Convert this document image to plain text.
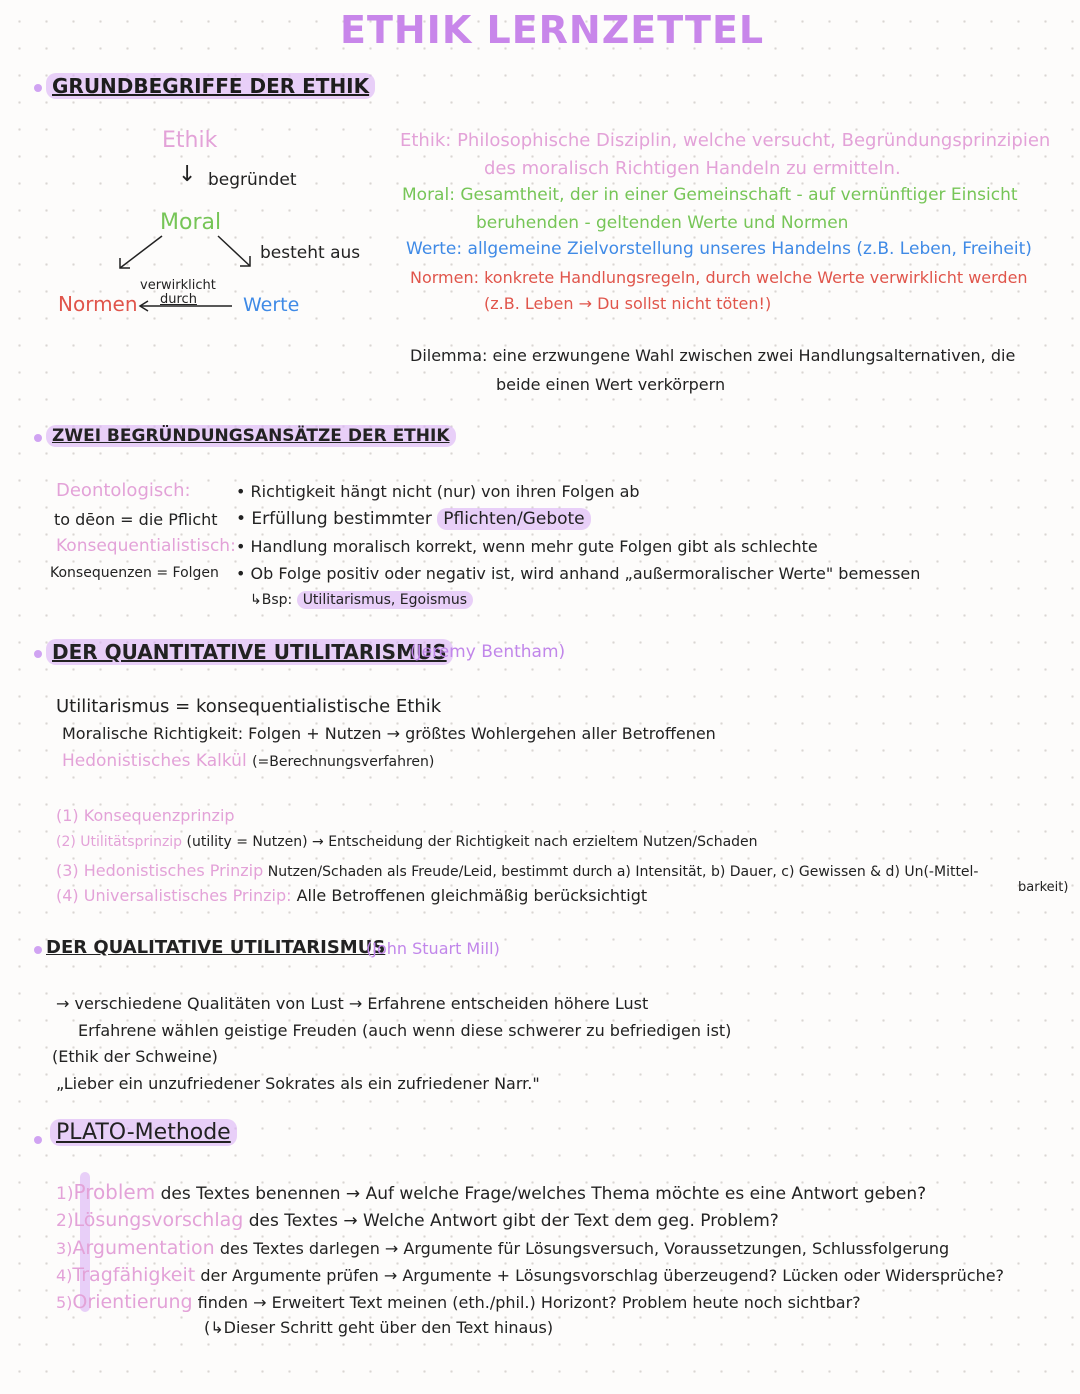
ETHIK LERNZETTEL
GRUNDBEGRIFFE DER ETHIK
Ethik
↓ begründet
Moral
besteht aus
verwirklicht
durch
Normen	Werte
Ethik: Philosophische Disziplin, welche versucht, Begründungsprinzipien
des moralisch Richtigen Handeln zu ermitteln.
Moral: Gesamtheit, der in einer Gemeinschaft - auf vernünftiger Einsicht
beruhenden - geltenden Werte und Normen
Werte: allgemeine Zielvorstellung unseres Handelns (z.B. Leben, Freiheit)
Normen: konkrete Handlungsregeln, durch welche Werte verwirklicht werden
(z.B. Leben → Du sollst nicht töten!)
Dilemma: eine erzwungene Wahl zwischen zwei Handlungsalternativen, die
beide einen Wert verkörpern
ZWEI BEGRÜNDUNGSANSÄTZE DER ETHIK
Deontologisch:
to dēon = die Pflicht
Konsequentialistisch:
Konsequenzen = Folgen
• Richtigkeit hängt nicht (nur) von ihren Folgen ab
• Erfüllung bestimmter Pflichten/Gebote
• Handlung moralisch korrekt, wenn mehr gute Folgen gibt als schlechte
• Ob Folge positiv oder negativ ist, wird anhand „außermoralischer Werte" bemessen
↳Bsp: Utilitarismus, Egoismus
DER QUANTITATIVE UTILITARISMUS
(Jeremy Bentham)
Utilitarismus = konsequentialistische Ethik
Moralische Richtigkeit: Folgen + Nutzen → größtes Wohlergehen aller Betroffenen
Hedonistisches Kalkül (=Berechnungsverfahren)
(1) Konsequenzprinzip
(2) Utilitätsprinzip (utility = Nutzen) → Entscheidung der Richtigkeit nach erzieltem Nutzen/Schaden
(3) Hedonistisches Prinzip Nutzen/Schaden als Freude/Leid, bestimmt durch a) Intensität, b) Dauer, c) Gewissen & d) Un(-Mittel-
barkeit)
(4) Universalistisches Prinzip: Alle Betroffenen gleichmäßig berücksichtigt
DER QUALITATIVE UTILITARISMUS
(John Stuart Mill)
→ verschiedene Qualitäten von Lust → Erfahrene entscheiden höhere Lust
Erfahrene wählen geistige Freuden (auch wenn diese schwerer zu befriedigen ist)
(Ethik der Schweine)
„Lieber ein unzufriedener Sokrates als ein zufriedener Narr."
PLATO-Methode
1)Problem des Textes benennen → Auf welche Frage/welches Thema möchte es eine Antwort geben?
2)Lösungsvorschlag des Textes → Welche Antwort gibt der Text dem geg. Problem?
3)Argumentation des Textes darlegen → Argumente für Lösungsversuch, Voraussetzungen, Schlussfolgerung
4)Tragfähigkeit der Argumente prüfen → Argumente + Lösungsvorschlag überzeugend? Lücken oder Widersprüche?
5)Orientierung finden → Erweitert Text meinen (eth./phil.) Horizont? Problem heute noch sichtbar?
(↳Dieser Schritt geht über den Text hinaus)
